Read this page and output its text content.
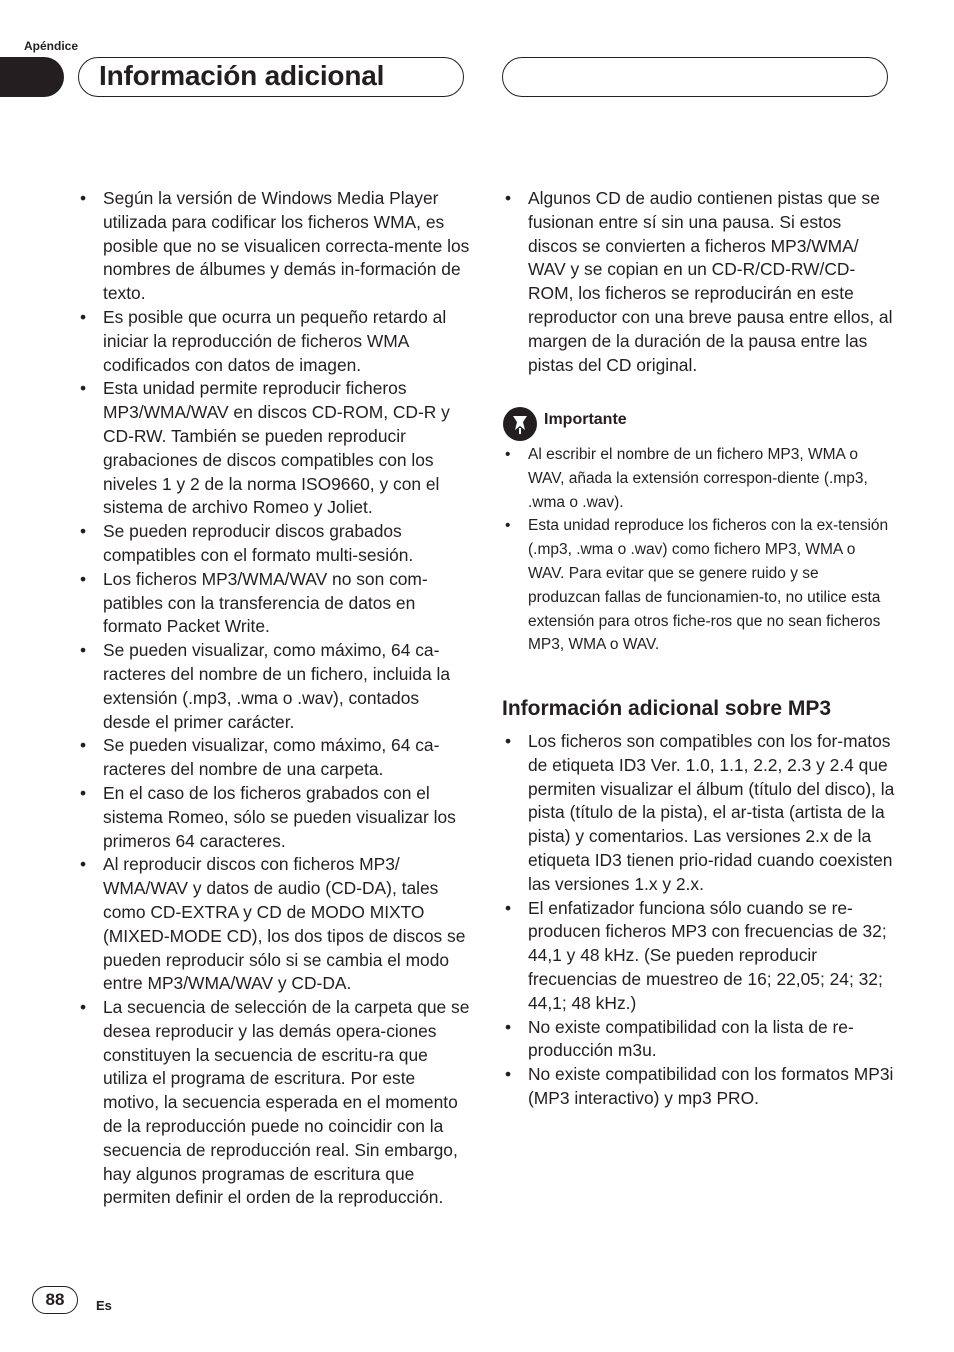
Apéndice
Información adicional
• Según la versión de Windows Media Player utilizada para codificar los ficheros WMA, es posible que no se visualicen correcta-mente los nombres de álbumes y demás in-formación de texto.
• Es posible que ocurra un pequeño retardo al iniciar la reproducción de ficheros WMA codificados con datos de imagen.
• Esta unidad permite reproducir ficheros MP3/WMA/WAV en discos CD-ROM, CD-R y CD-RW. También se pueden reproducir grabaciones de discos compatibles con los niveles 1 y 2 de la norma ISO9660, y con el sistema de archivo Romeo y Joliet.
• Se pueden reproducir discos grabados compatibles con el formato multi-sesión.
• Los ficheros MP3/WMA/WAV no son com-patibles con la transferencia de datos en formato Packet Write.
• Se pueden visualizar, como máximo, 64 ca-racteres del nombre de un fichero, incluida la extensión (.mp3, .wma o .wav), contados desde el primer carácter.
• Se pueden visualizar, como máximo, 64 ca-racteres del nombre de una carpeta.
• En el caso de los ficheros grabados con el sistema Romeo, sólo se pueden visualizar los primeros 64 caracteres.
• Al reproducir discos con ficheros MP3/ WMA/WAV y datos de audio (CD-DA), tales como CD-EXTRA y CD de MODO MIXTO (MIXED-MODE CD), los dos tipos de discos se pueden reproducir sólo si se cambia el modo entre MP3/WMA/WAV y CD-DA.
• La secuencia de selección de la carpeta que se desea reproducir y las demás opera-ciones constituyen la secuencia de escritu-ra que utiliza el programa de escritura. Por este motivo, la secuencia esperada en el momento de la reproducción puede no coincidir con la secuencia de reproducción real. Sin embargo, hay algunos programas de escritura que permiten definir el orden de la reproducción.
• Algunos CD de audio contienen pistas que se fusionan entre sí sin una pausa. Si estos discos se convierten a ficheros MP3/WMA/ WAV y se copian en un CD-R/CD-RW/CD-ROM, los ficheros se reproducirán en este reproductor con una breve pausa entre ellos, al margen de la duración de la pausa entre las pistas del CD original.
Importante
• Al escribir el nombre de un fichero MP3, WMA o WAV, añada la extensión correspon-diente (.mp3, .wma o .wav).
• Esta unidad reproduce los ficheros con la ex-tensión (.mp3, .wma o .wav) como fichero MP3, WMA o WAV. Para evitar que se genere ruido y se produzcan fallas de funcionamien-to, no utilice esta extensión para otros fiche-ros que no sean ficheros MP3, WMA o WAV.
Información adicional sobre MP3
• Los ficheros son compatibles con los for-matos de etiqueta ID3 Ver. 1.0, 1.1, 2.2, 2.3 y 2.4 que permiten visualizar el álbum (título del disco), la pista (título de la pista), el ar-tista (artista de la pista) y comentarios. Las versiones 2.x de la etiqueta ID3 tienen prio-ridad cuando coexisten las versiones 1.x y 2.x.
• El enfatizador funciona sólo cuando se re-producen ficheros MP3 con frecuencias de 32; 44,1 y 48 kHz. (Se pueden reproducir frecuencias de muestreo de 16; 22,05; 24; 32; 44,1; 48 kHz.)
• No existe compatibilidad con la lista de re-producción m3u.
• No existe compatibilidad con los formatos MP3i (MP3 interactivo) y mp3 PRO.
88	Es
